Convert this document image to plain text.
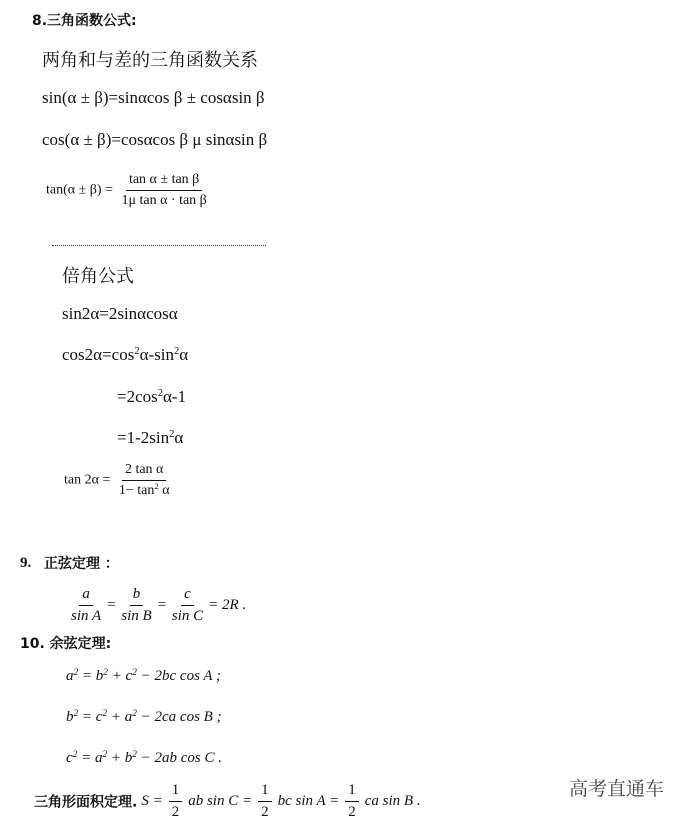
8.三角函数公式:
两角和与差的三角函数关系
sin(α ± β)=sinαcos β ± cosαsin β
cos(α ± β)=cosαcos β μ sinαsin β
$\tan(\alpha \pm \beta) = \frac{\text{tan α ± tan β}}{\text{1μ tan α · tan β}}$
倍角公式
sin2α=2sinαcosα
$\cos 2\alpha=\cos^2\alpha-\sin^2\alpha$
$=2\cos^2\alpha-1$
$=1-2\sin^2\alpha$
$\tan 2\alpha = \frac{\text{2 tan α}}{1- \tan^2 \alpha}$
9. 正弦定理 ：
$\frac{a}{\text{sin A}} = \frac{b}{\text{sin B}} = \frac{c}{\text{sin C}} = 2R$ .
10. 余弦定理:
$a^2 = b^2 + c^2 - 2bc$ cos A ;
$b^2 = c^2 + a^2 - 2ca$ cos B ;
$c^2 = a^2 + b^2 - 2ab$ cos C .
三角形面积定理. $S = \frac{1}{2}$ ab $\sin C = \frac{1}{2}$ bc $\sin A = \frac{1}{2}$ ca sin B .
高考直通车
